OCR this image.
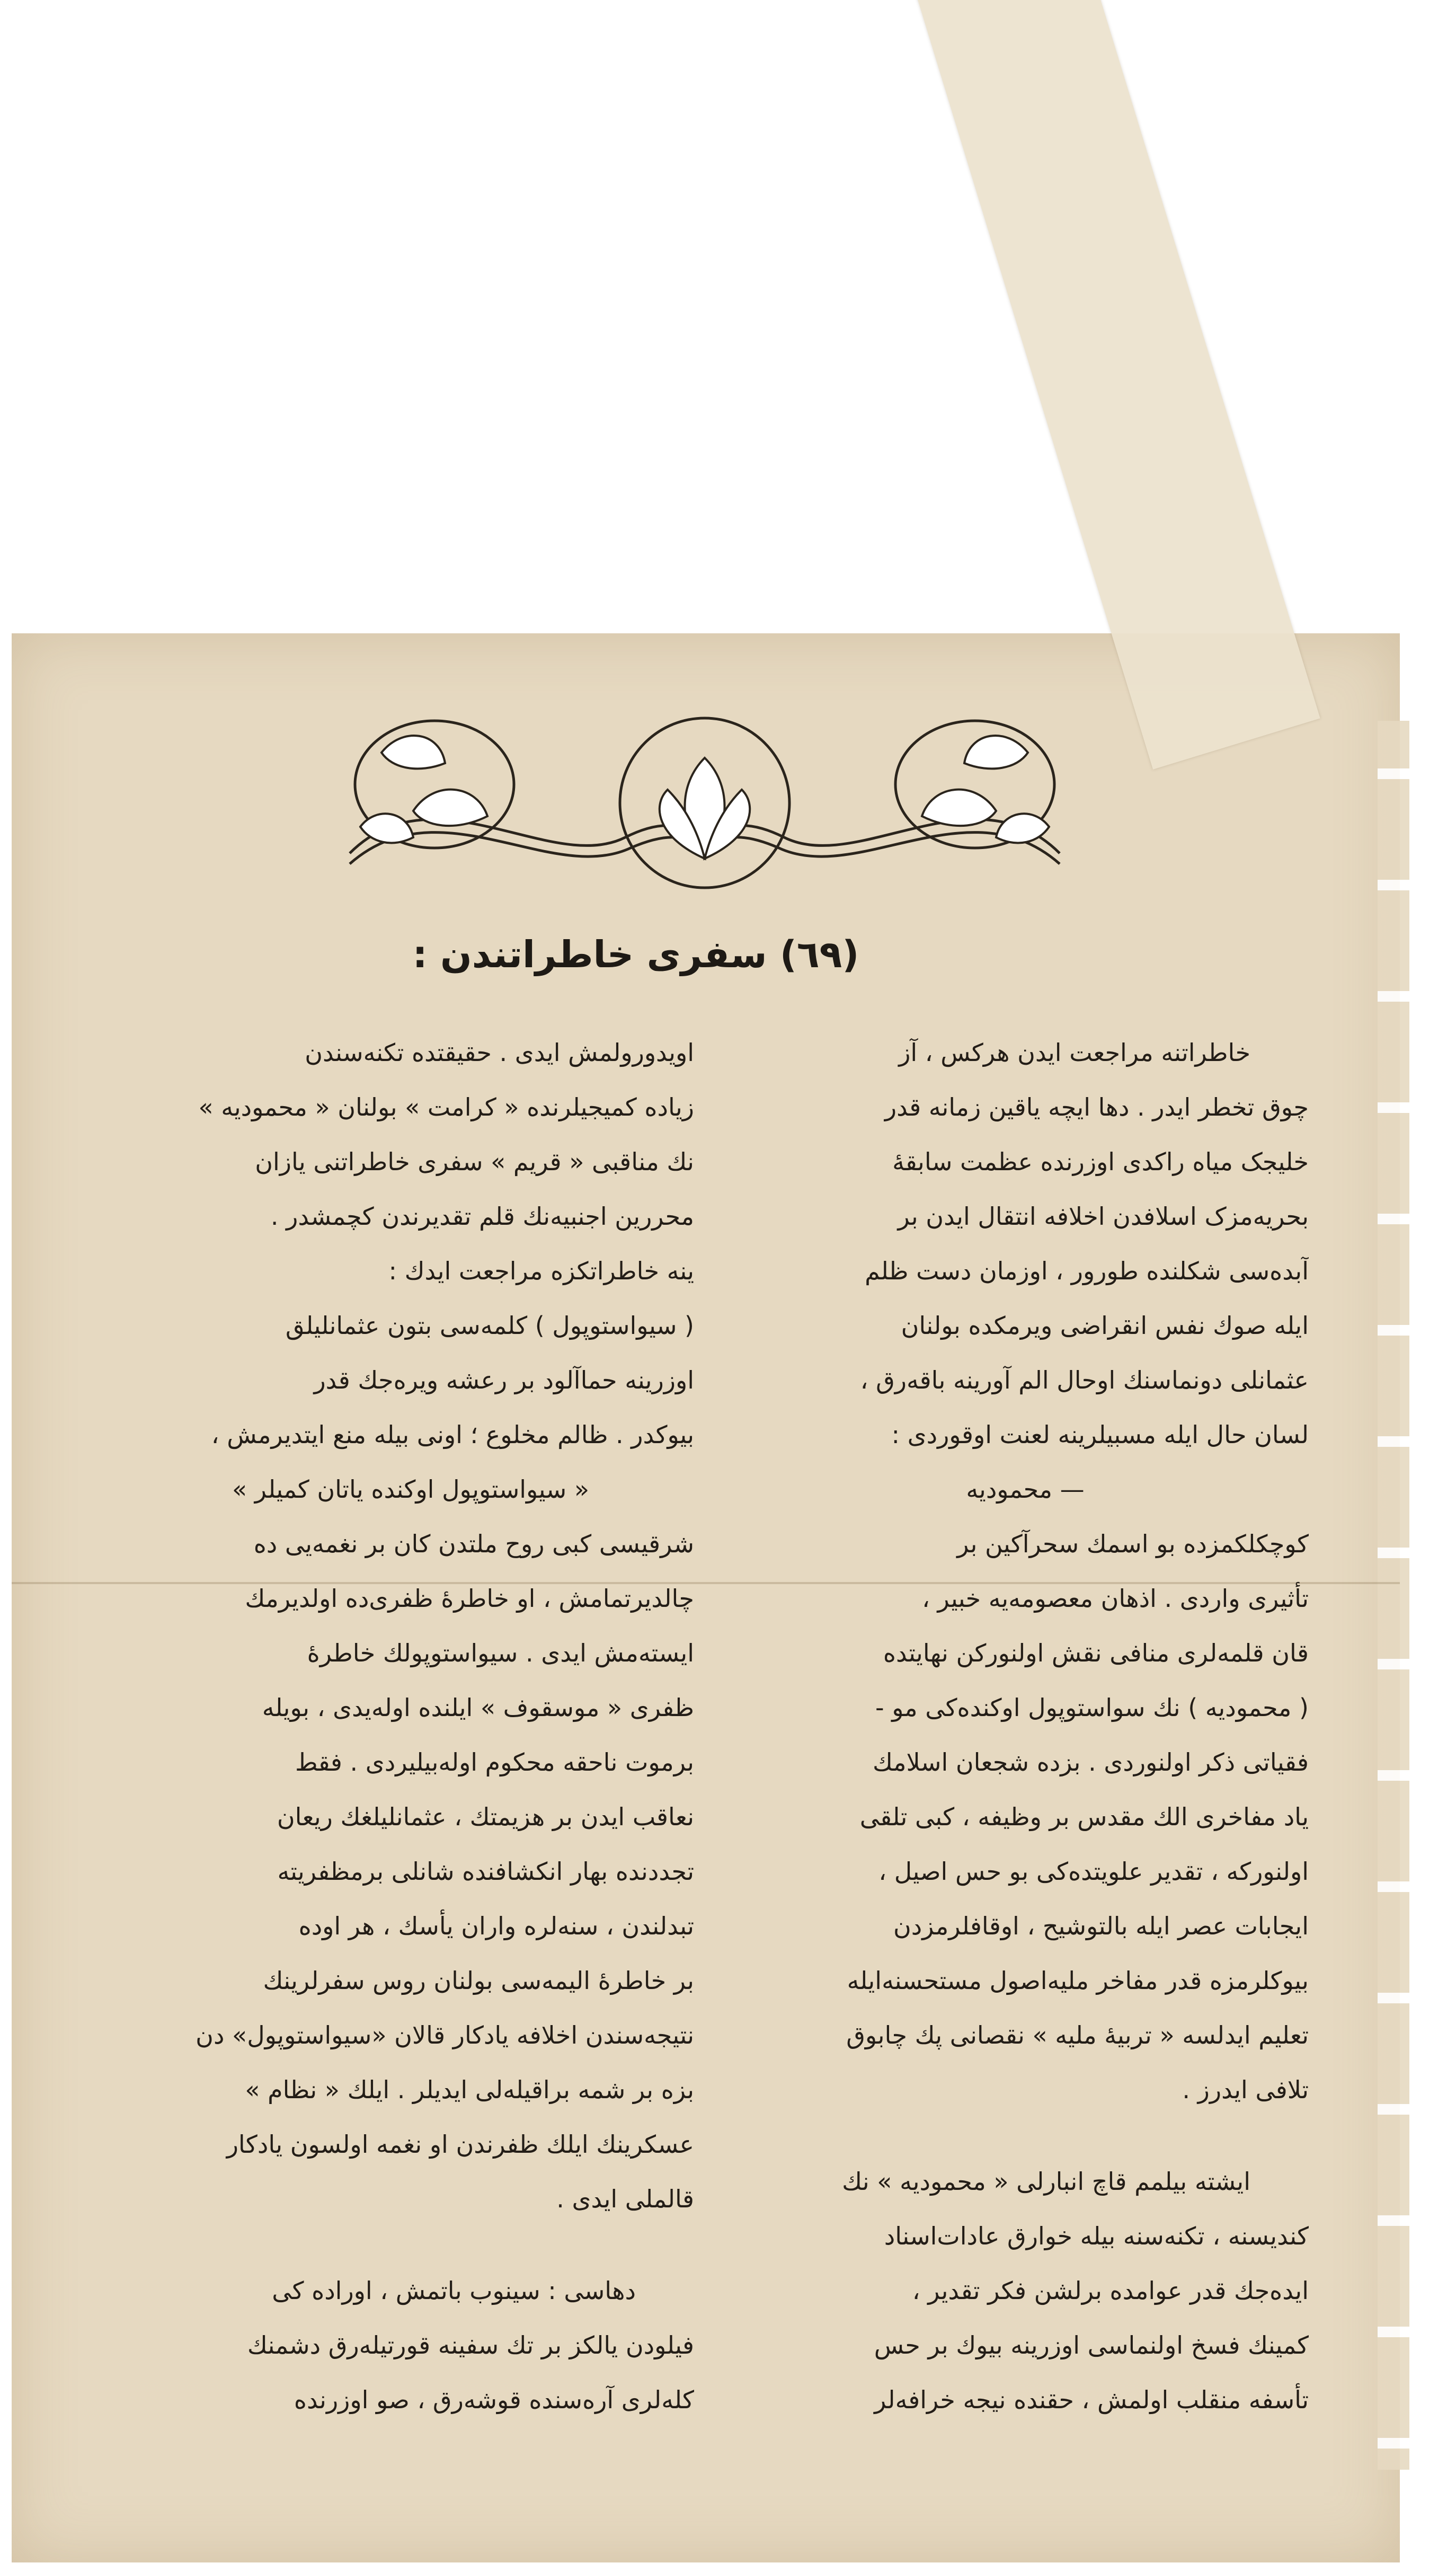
(٦٩) سفری خاطراتندن :
خاطراتنه مراجعت ایدن هرکس ، آز
چوق تخطر ایدر . دها ایچه یاقین زمانه قدر
خلیجک میاه راکدی اوزرنده عظمت سابقهٔ
بحریه‌مزک اسلافدن اخلافه انتقال ایدن بر
آبده‌سی شکلنده طورور ، اوزمان دست ظلم
ایله صوك نفس انقراضی ویرمکده بولنان
عثمانلی دونماسنك اوحال الم آورینه باقه‌رق ،
لسان حال ایله مسبیلرینه لعنت اوقوردی :
— محمودیه
کوچکلکمزده بو اسمك سحرآکین بر
تأثیری واردی . اذهان معصومه‌یه خبیر ،
قان قلمه‌لری منافی نقش اولنورکن نهایتده
( محمودیه ) نك سواستوپول اوکنده‌کی مو -
فقیاتی ذکر اولنوردی . بزده شجعان اسلامك
یاد مفاخری الك مقدس بر وظیفه ، کبی تلقی
اولنورکه ، تقدیر علویتده‌کی بو حس اصیل ،
ایجابات عصر ایله بالتوشیح ، اوقافلرمزدن
بیوکلرمزه قدر مفاخر ملیه‌اصول مستحسنه‌ایله
تعلیم ایدلسه « تربیهٔ ملیه » نقصانی پك چابوق
تلافی ایدرز .
ایشته بیلمم قاچ انبارلی « محمودیه » نك
کندیسنه ، تکنه‌سنه بیله خوارق عادات‌اسناد
ایده‌جك قدر عوامده برلشن فکر تقدیر ،
کمینك فسخ اولنماسی اوزرینه بیوك بر حس
تأسفه منقلب اولمش ، حقنده نیجه خرافه‌لر
اویدورولمش ایدی . حقیقتده تکنه‌سندن
زیاده کمیجیلرنده « کرامت » بولنان « محمودیه »
نك مناقبی « قریم » سفری خاطراتنی یازان
محررین اجنبیه‌نك قلم تقدیرندن کچمشدر .
ینه خاطراتکزه مراجعت ایدك :
( سیواستوپول ) کلمه‌سی بتون عثمانلیلق
اوزرینه حماآلود بر رعشه ویره‌جك قدر
بیوکدر . ظالم مخلوع ؛ اونی بیله منع ایتدیرمش ،
« سیواستوپول اوکنده یاتان کمیلر »
شرقیسی کبی روح ملتدن کان بر نغمه‌یی ده
چالدیرتمامش ، او خاطرهٔ ظفری‌ده اولدیرمك
ایسته‌مش ایدی . سیواستوپولك خاطرهٔ
ظفری « موسقوف » ایلنده اوله‌یدی ، بویله
برموت ناحقه محکوم اوله‌بیلیردی . فقط
نعاقب ایدن بر هزیمتك ، عثمانلیلغك ریعان
تجددنده بهار انکشافنده شانلی برمظفریته
تبدلندن ، سنه‌لره واران یأسك ، هر اوده
بر خاطرهٔ الیمه‌سی بولنان روس سفرلرینك
نتیجه‌سندن اخلافه یادکار قالان «سیواستوپول» دن
بزه بر شمه براقیله‌لی ایدیلر . ایلك « نظام »
عسکرینك ایلك ظفرندن او نغمه اولسون یادکار
قالملی ایدی .
دهاسی : سینوب باتمش ، اوراده کی
فیلودن یالکز بر تك سفینه قورتیله‌رق دشمنك
کله‌لری آره‌سنده قوشه‌رق ، صو اوزرنده
